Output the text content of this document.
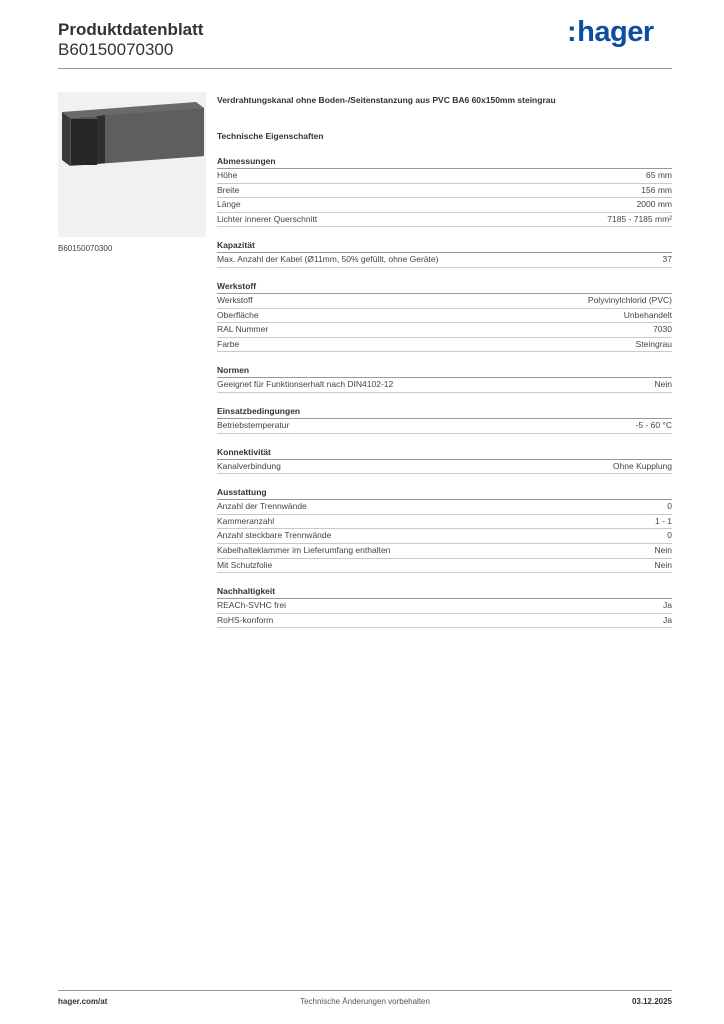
Produktdatenblatt
B60150070300
:hager
B60150070300
Verdrahtungskanal ohne Boden-/Seitenstanzung aus PVC BA6 60x150mm steingrau
Technische Eigenschaften
Abmessungen
Höhe	65 mm
Breite	156 mm
Länge	2000 mm
Lichter innerer Querschnitt	7185 - 7185 mm²
Kapazität
Max. Anzahl der Kabel (Ø11mm, 50% gefüllt, ohne Geräte)	37
Werkstoff
Werkstoff	Polyvinylchlorid (PVC)
Oberfläche	Unbehandelt
RAL Nummer	7030
Farbe	Steingrau
Normen
Geeignet für Funktionserhalt nach DIN4102-12	Nein
Einsatzbedingungen
Betriebstemperatur	-5 - 60 °C
Konnektivität
Kanalverbindung	Ohne Kupplung
Ausstattung
Anzahl der Trennwände	0
Kammeranzahl	1 - 1
Anzahl steckbare Trennwände	0
Kabelhalteklammer im Lieferumfang enthalten	Nein
Mit Schutzfolie	Nein
Nachhaltigkeit
REACh-SVHC frei	Ja
RoHS-konform	Ja
hager.com/at	Technische Änderungen vorbehalten	03.12.2025
